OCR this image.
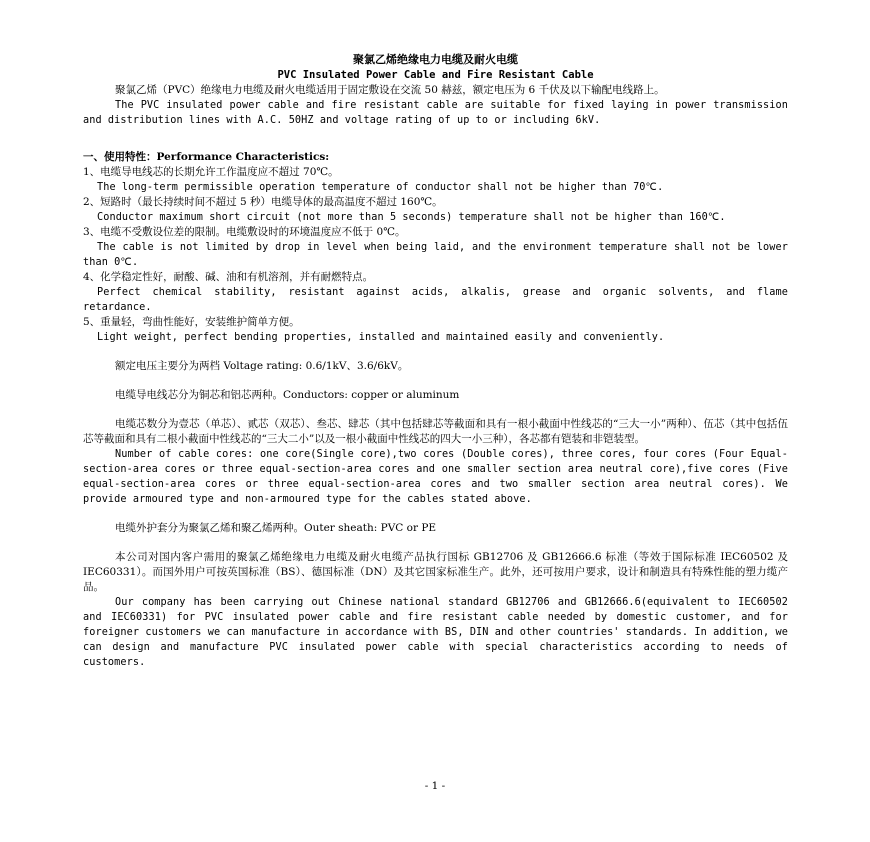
聚氯乙烯绝缘电力电缆及耐火电缆
PVC Insulated Power Cable and Fire Resistant Cable

聚氯乙烯（PVC）绝缘电力电缆及耐火电缆适用于固定敷设在交流 50 赫兹，额定电压为 6 千伏及以下输配电线路上。

The PVC insulated power cable and fire resistant cable are suitable for fixed laying in power transmission and distribution lines with A.C. 50HZ and voltage rating of up to or including 6kV.

一、使用特性：Performance Characteristics:

1、电缆导电线芯的长期允许工作温度应不超过 70℃。

The long-term permissible operation temperature of conductor shall not be higher than 70℃.

2、短路时（最长持续时间不超过 5 秒）电缆导体的最高温度不超过 160℃。

Conductor maximum short circuit (not more than 5 seconds) temperature shall not be higher than 160℃.

3、电缆不受敷设位差的限制。电缆敷设时的环境温度应不低于 0℃。

The cable is not limited by drop in level when being laid, and the environment temperature shall not be lower than 0℃.

4、化学稳定性好，耐酸、碱、油和有机溶剂，并有耐燃特点。

Perfect chemical stability, resistant against acids, alkalis, grease and organic solvents, and flame retardance.

5、重量轻，弯曲性能好，安装维护简单方便。

Light weight, perfect bending properties, installed and maintained easily and conveniently.

额定电压主要分为两档 Voltage rating: 0.6/1kV、3.6/6kV。

电缆导电线芯分为铜芯和铝芯两种。Conductors: copper or aluminum

电缆芯数分为壹芯（单芯）、贰芯（双芯）、叁芯、肆芯（其中包括肆芯等截面和具有一根小截面中性线芯的“三大一小”两种）、伍芯（其中包括伍芯等截面和具有二根小截面中性线芯的“三大二小”以及一根小截面中性线芯的四大一小三种），各芯都有铠装和非铠装型。

Number of cable cores: one core(Single core),two cores (Double cores), three cores, four cores (Four Equal-section-area cores or three equal-section-area cores and one smaller section area neutral core),five cores (Five equal-section-area cores or three equal-section-area cores and two smaller section area neutral cores). We provide armoured type and non-armoured type for the cables stated above.

电缆外护套分为聚氯乙烯和聚乙烯两种。Outer sheath: PVC or PE

本公司对国内客户需用的聚氯乙烯绝缘电力电缆及耐火电缆产品执行国标 GB12706 及 GB12666.6 标准（等效于国际标准 IEC60502 及 IEC60331）。而国外用户可按英国标准（BS）、德国标准（DN）及其它国家标准生产。此外，还可按用户要求，设计和制造具有特殊性能的塑力缆产品。

Our company has been carrying out Chinese national standard GB12706 and GB12666.6(equivalent to IEC60502 and IEC60331) for PVC insulated power cable and fire resistant cable needed by domestic customer, and for foreigner customers we can manufacture in accordance with BS, DIN and other countries' standards. In addition, we can design and manufacture PVC insulated power cable with special characteristics according to needs of customers.

- 1 -
